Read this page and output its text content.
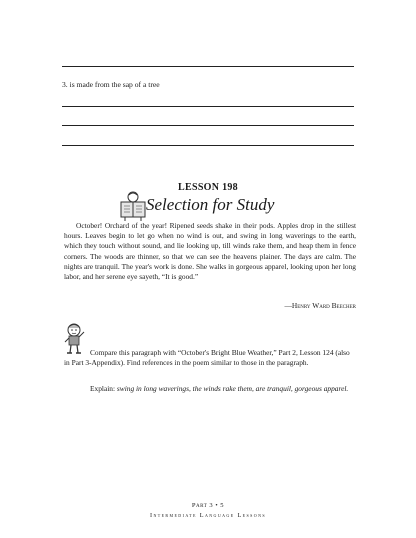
3. is made from the sap of a tree
LESSON 198
Selection for Study

October! Orchard of the year! Ripened seeds shake in their pods. Apples drop in the stillest hours. Leaves begin to let go when no wind is out, and swing in long waverings to the earth, which they touch without sound, and lie looking up, till winds rake them, and heap them in fence corners. The woods are thinner, so that we can see the heavens plainer. The days are calm. The nights are tranquil. The year's work is done. She walks in gorgeous apparel, looking upon her long labor, and her serene eye sayeth, “It is good.”

—Henry Ward Beecher

Compare this paragraph with “October's Bright Blue Weather,” Part 2, Lesson 124 (also in Part 3-Appendix). Find references in the poem similar to those in the paragraph.

Explain: swing in long waverings, the winds rake them, are tranquil, gorgeous apparel.

Part 3 • 5
Intermediate Language Lessons
